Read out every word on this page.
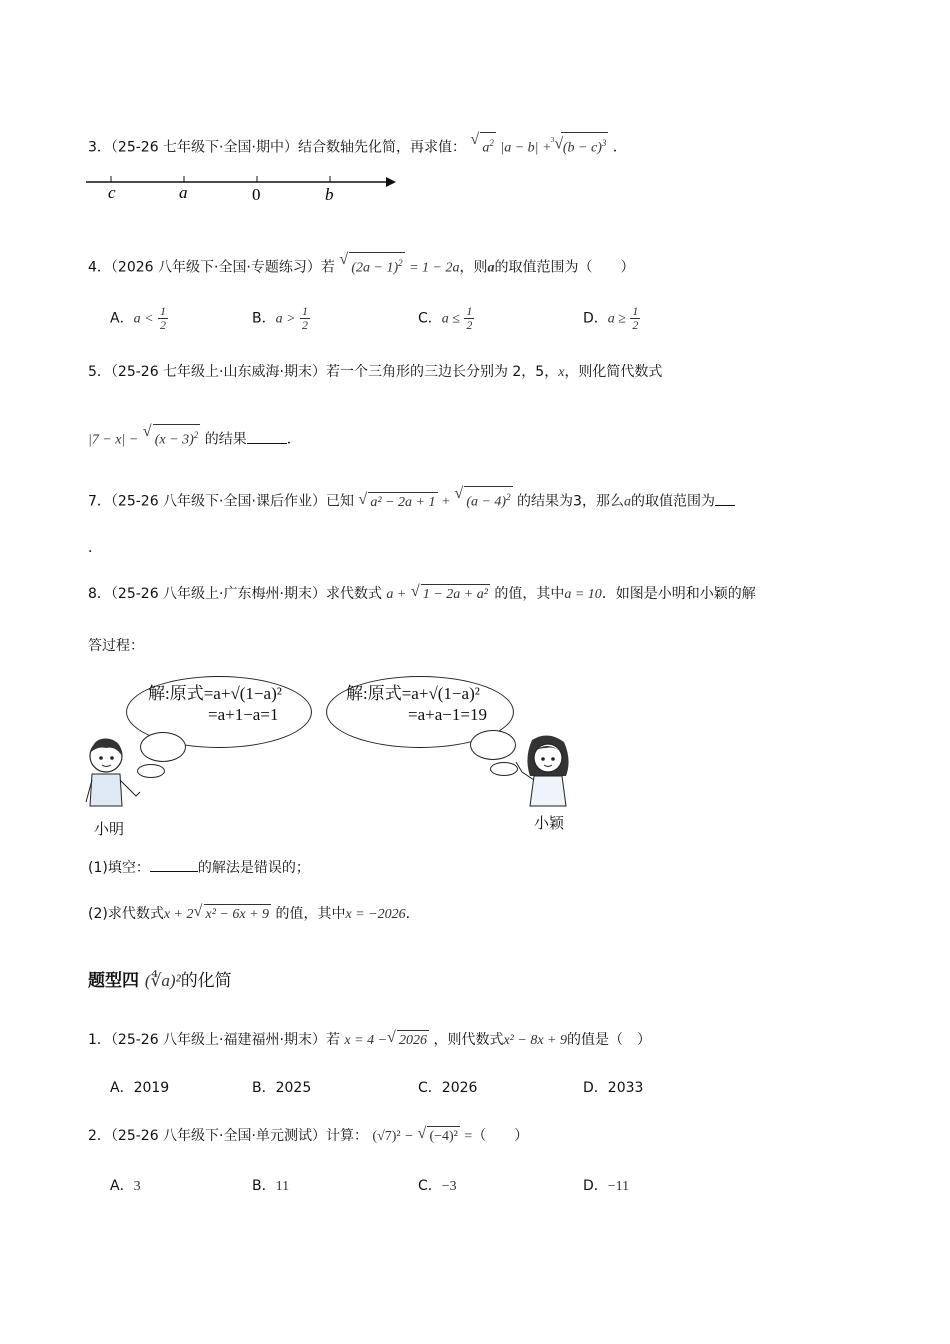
3．（25-26 七年级下·全国·期中）结合数轴先化简，再求值： √
$a^2$ |a − b| +
$^3$√ $(b - c)^3$ ．
c	a	0	b
4．（2026 八年级下·全国·专题练习）若 √
$(2a - 1)^2 = 1 - 2a$，则a的取值范围为（　　）
A．$a < \frac{1}{2}$	B．$a > \frac{1}{2}$	C．$a \le \frac{1}{2}$	D．$a \ge \frac{1}{2}$
5．（25-26 七年级上·山东威海·期末）若一个三角形的三边长分别为 2，5，x，则化简代数式
|7 − x| −
√
$(x - 3)^2$ 的结果	．
7．（25-26 八年级下·全国·课后作业）已知 √ a² − 2a + 1 +
√
$(a - 4)^2$ 的结果为3，那么a的取值范围为
．
8．（25-26 八年级上·广东梅州·期末）求代数式 a + √ 1 − 2a + a² 的值，其中a = 10．如图是小明和小颖的解
答过程：
解:原式=a+√(1−a)²
=a+1−a=1
解:原式=a+√(1−a)²
=a+a−1=19
小明	小颖
(1)填空：	的解法是错误的；
(2)求代数式x + 2 √ x² − 6x + 9 的值，其中x = −2026．
题型四 (∜a)²的化简
1．（25-26 八年级上·福建福州·期末）若 x = 4 − √ 2026 ，则代数式x² − 8x + 9的值是（　）
A．2019	B．2025	C．2026	D．2033
2．（25-26 八年级下·全国·单元测试）计算： (√7)² − √ (−4)² =（　　）
A．3	B．11	C．−3	D．−11
